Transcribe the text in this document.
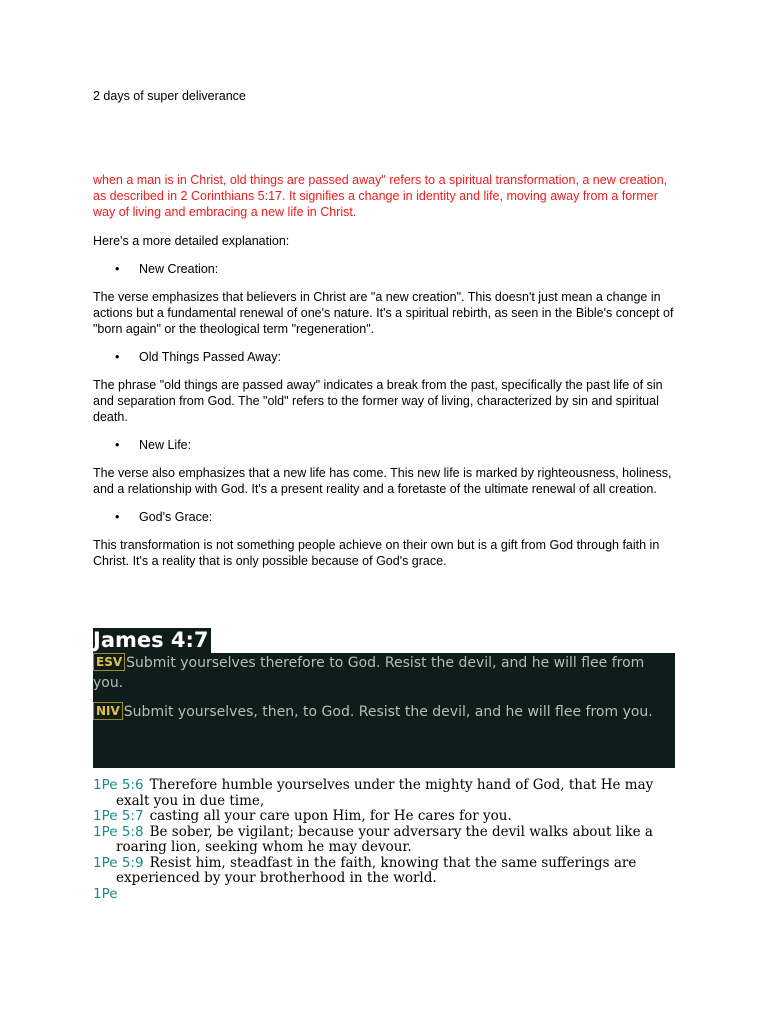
2 days of super deliverance

when a man is in Christ, old things are passed away" refers to a spiritual transformation, a new creation, as described in 2 Corinthians 5:17. It signifies a change in identity and life, moving away from a former way of living and embracing a new life in Christ.

Here's a more detailed explanation:

• New Creation:

The verse emphasizes that believers in Christ are "a new creation". This doesn't just mean a change in actions but a fundamental renewal of one's nature. It's a spiritual rebirth, as seen in the Bible's concept of "born again" or the theological term "regeneration".

• Old Things Passed Away:

The phrase "old things are passed away" indicates a break from the past, specifically the past life of sin and separation from God. The "old" refers to the former way of living, characterized by sin and spiritual death.

• New Life:

The verse also emphasizes that a new life has come. This new life is marked by righteousness, holiness, and a relationship with God. It's a present reality and a foretaste of the ultimate renewal of all creation.

• God's Grace:

This transformation is not something people achieve on their own but is a gift from God through faith in Christ. It's a reality that is only possible because of God's grace.

James 4:7

ESV Submit yourselves therefore to God. Resist the devil, and he will flee from you.

NIV Submit yourselves, then, to God. Resist the devil, and he will flee from you.

1Pe 5:6 Therefore humble yourselves under the mighty hand of God, that He may exalt you in due time,
1Pe 5:7 casting all your care upon Him, for He cares for you.
1Pe 5:8 Be sober, be vigilant; because your adversary the devil walks about like a roaring lion, seeking whom he may devour.
1Pe 5:9 Resist him, steadfast in the faith, knowing that the same sufferings are experienced by your brotherhood in the world.
1Pe
